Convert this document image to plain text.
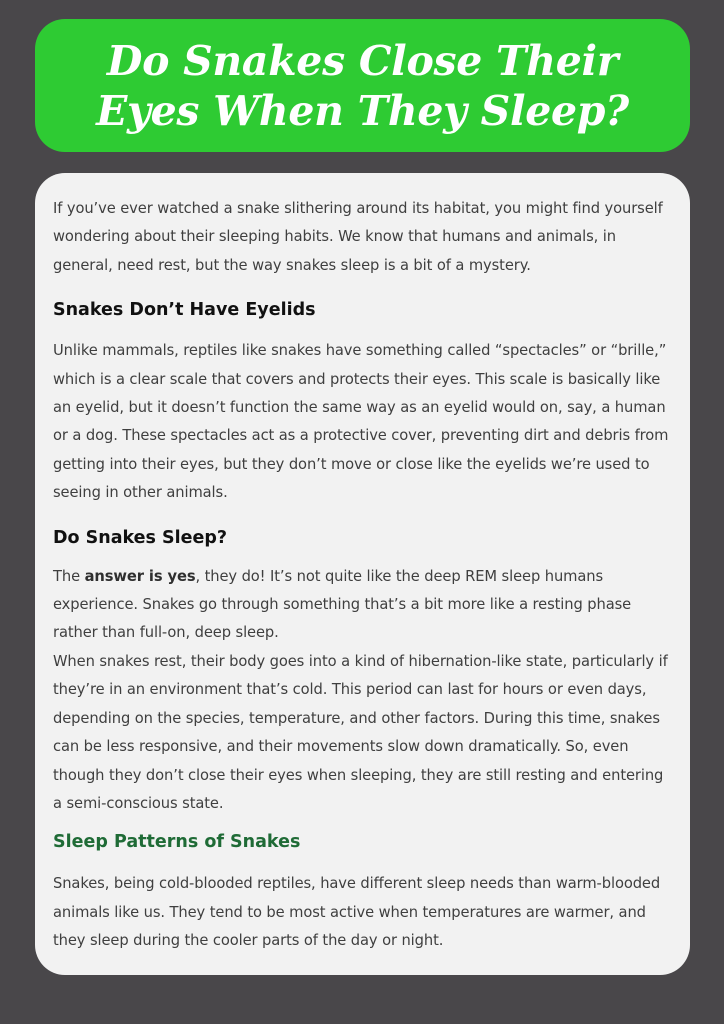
Do Snakes Close Their Eyes When They Sleep?

If you’ve ever watched a snake slithering around its habitat, you might find yourself wondering about their sleeping habits. We know that humans and animals, in general, need rest, but the way snakes sleep is a bit of a mystery.

Snakes Don’t Have Eyelids

Unlike mammals, reptiles like snakes have something called “spectacles” or “brille,” which is a clear scale that covers and protects their eyes. This scale is basically like an eyelid, but it doesn’t function the same way as an eyelid would on, say, a human or a dog. These spectacles act as a protective cover, preventing dirt and debris from getting into their eyes, but they don’t move or close like the eyelids we’re used to seeing in other animals.

Do Snakes Sleep?

The answer is yes, they do! It’s not quite like the deep REM sleep humans experience. Snakes go through something that’s a bit more like a resting phase rather than full-on, deep sleep.

When snakes rest, their body goes into a kind of hibernation-like state, particularly if they’re in an environment that’s cold. This period can last for hours or even days, depending on the species, temperature, and other factors. During this time, snakes can be less responsive, and their movements slow down dramatically. So, even though they don’t close their eyes when sleeping, they are still resting and entering a semi-conscious state.

Sleep Patterns of Snakes

Snakes, being cold-blooded reptiles, have different sleep needs than warm-blooded animals like us. They tend to be most active when temperatures are warmer, and they sleep during the cooler parts of the day or night.
